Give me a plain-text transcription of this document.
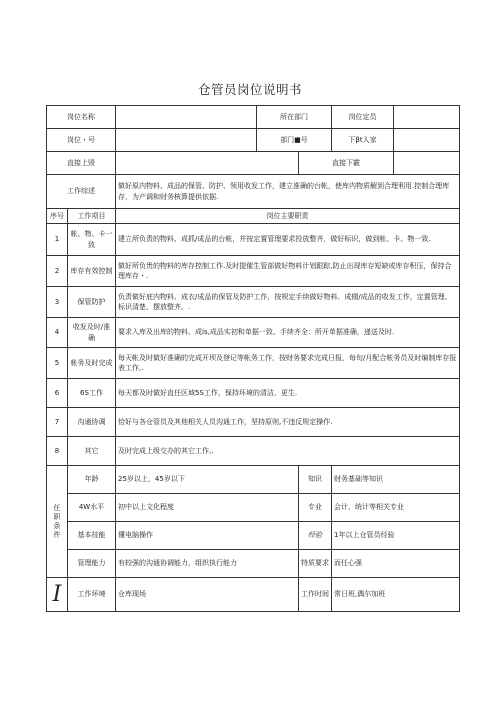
仓管员岗位说明书
岗位名称			所在部门		岗位定员	
岗位・号			部门■号		下βt人家	
直接上毁				直接下霰		
工作综述		做好原内物料、成品的保管、防护、领用收发工作，建立准确的台帐，使库内物质解到合理利用.控制合理库存，为产调和财务核算提供依据.				
序号	工作项目	岗位主要职责				
1	帐、物、卡一致	建立所负责的物料、成抓/成品的台帐，并按定置管理要求投放整齐，做好标识，做到帐、卡、物一致.				
2	库存有效控制	做好所负贵的物料的库存控制工作.及时提催生管部做好物料计划跟踪,防止出现库存短缺或库存积压，保持合理库存・.				
3	保管防护	负责做好底内物料、成衣/成品的保管及防护工作，按规定手续做好物料、成辍/成品的收发工作，定置管理、标识清楚、摆放整齐。.				
4	收发及时/准确	要求入库及出库的物料、成is,成品实初和单据一致、手续齐全：所开单据准确，递送及时.				
5	帐务及时完成	每天帐及时做好准确的完成开坝及登记等帐务工作，按财务要求完成日报，每旬/月配合帐务员及时编制库存报表工作,.				
6	6S工作	每天都及时做好直任区域5S工作，保持环境的清洁、更生.				
7	沟通协调	恰好与各仓管员及其他相关人员沟通工作，坚持原则,不违反规定操作.				
8	其它	及时完成上级交办的其它工作,.				
任
职
条
件	年龄	25岁以上，45岁以下		知识	财务基础等知识	
	4W水平	初中以上文化程度		专业	会计、统计等相关专业	
	基本技能	懂电脑操作		经验	1年以上仓管员经验	
	管理能力	有较强的沟通协调能力，组织执行能力		特质要求	而任心强	
I	工作环境	仓库现场		工作时间	常日班,偶尔加班	
